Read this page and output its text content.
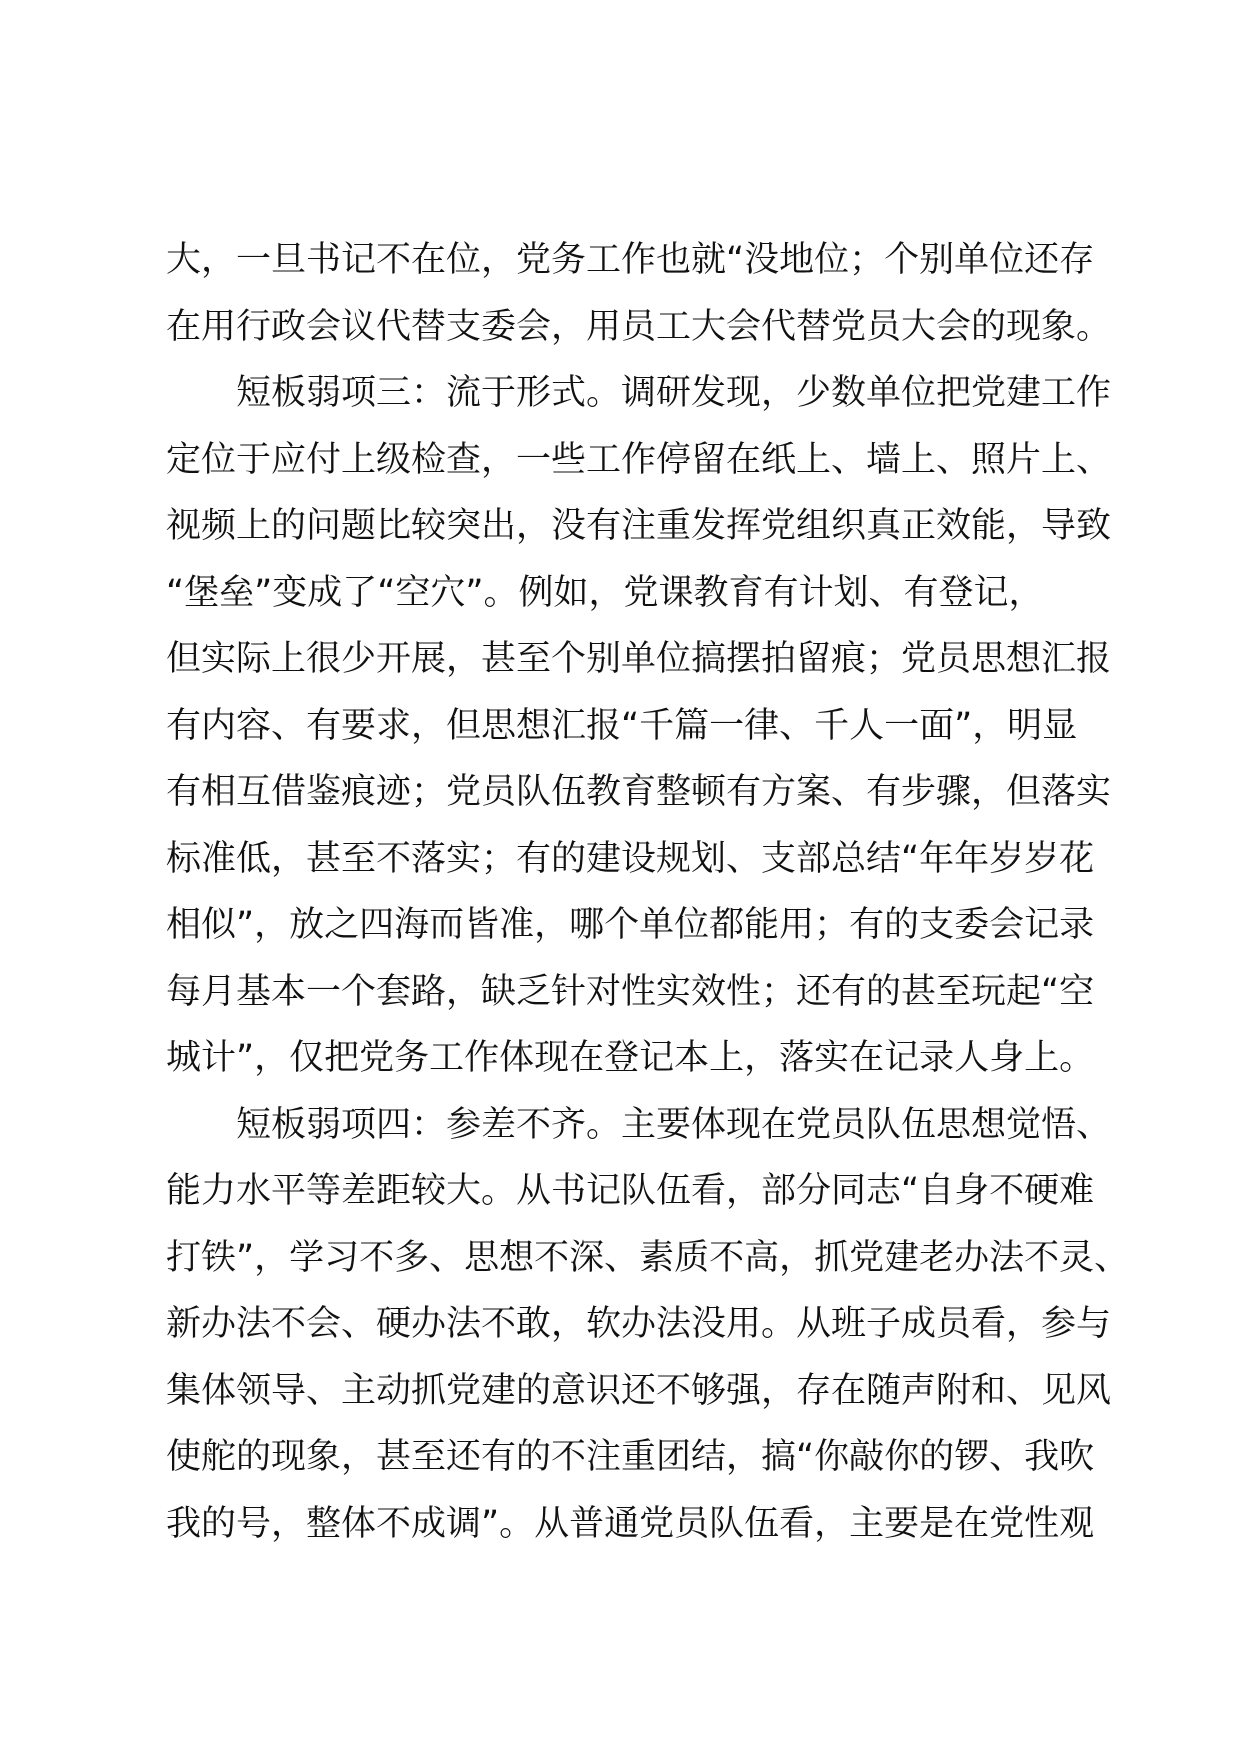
大，一旦书记不在位，党务工作也就“没地位；个别单位还存
在用行政会议代替支委会，用员工大会代替党员大会的现象。
短板弱项三：流于形式。调研发现，少数单位把党建工作
定位于应付上级检查，一些工作停留在纸上、墙上、照片上、
视频上的问题比较突出，没有注重发挥党组织真正效能，导致
“堡垒”变成了“空穴”。例如，党课教育有计划、有登记，
但实际上很少开展，甚至个别单位搞摆拍留痕；党员思想汇报
有内容、有要求，但思想汇报“千篇一律、千人一面”，明显
有相互借鉴痕迹；党员队伍教育整顿有方案、有步骤，但落实
标准低，甚至不落实；有的建设规划、支部总结“年年岁岁花
相似”，放之四海而皆准，哪个单位都能用；有的支委会记录
每月基本一个套路，缺乏针对性实效性；还有的甚至玩起“空
城计”，仅把党务工作体现在登记本上，落实在记录人身上。
短板弱项四：参差不齐。主要体现在党员队伍思想觉悟、
能力水平等差距较大。从书记队伍看，部分同志“自身不硬难
打铁”，学习不多、思想不深、素质不高，抓党建老办法不灵、
新办法不会、硬办法不敢，软办法没用。从班子成员看，参与
集体领导、主动抓党建的意识还不够强，存在随声附和、见风
使舵的现象，甚至还有的不注重团结，搞“你敲你的锣、我吹
我的号，整体不成调”。从普通党员队伍看，主要是在党性观
